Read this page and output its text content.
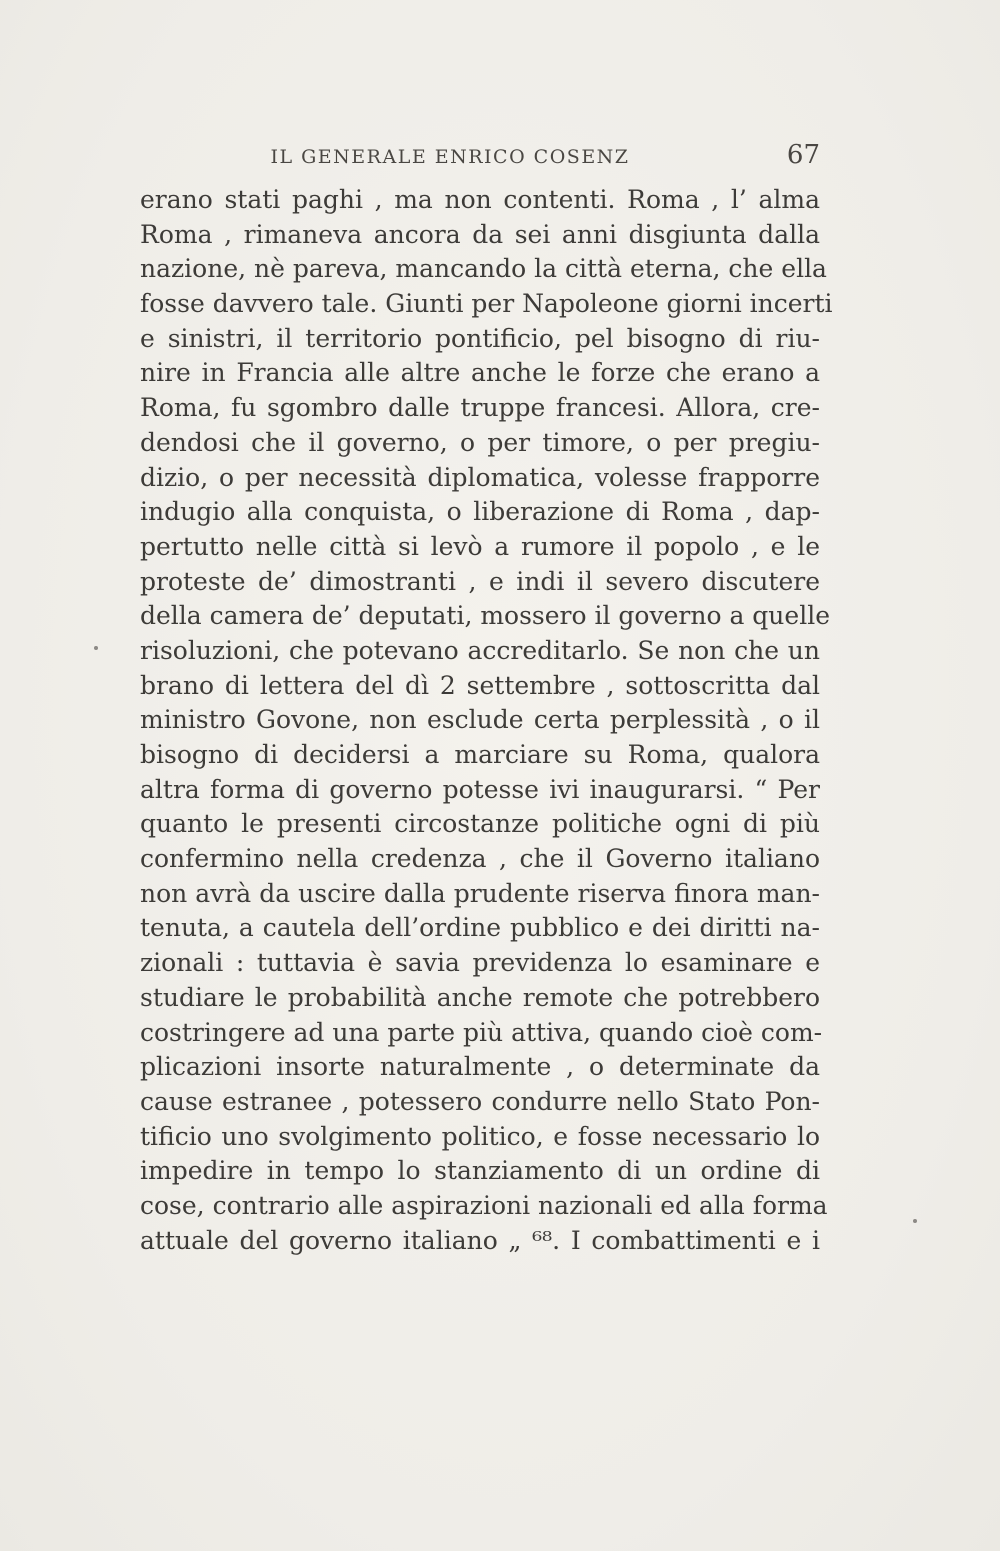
IL GENERALE ENRICO COSENZ	67
erano stati paghi , ma non contenti. Roma , l’ alma
Roma , rimaneva ancora da sei anni disgiunta dalla
nazione, nè pareva, mancando la città eterna, che ella
fosse davvero tale. Giunti per Napoleone giorni incerti
e sinistri, il territorio pontificio, pel bisogno di riu-
nire in Francia alle altre anche le forze che erano a
Roma, fu sgombro dalle truppe francesi. Allora, cre-
dendosi che il governo, o per timore, o per pregiu-
dizio, o per necessità diplomatica, volesse frapporre
indugio alla conquista, o liberazione di Roma , dap-
pertutto nelle città si levò a rumore il popolo , e le
proteste de’ dimostranti , e indi il severo discutere
della camera de’ deputati, mossero il governo a quelle
risoluzioni, che potevano accreditarlo. Se non che un
brano di lettera del dì 2 settembre , sottoscritta dal
ministro Govone, non esclude certa perplessità , o il
bisogno di decidersi a marciare su Roma, qualora
altra forma di governo potesse ivi inaugurarsi. “ Per
quanto le presenti circostanze politiche ogni di più
confermino nella credenza , che il Governo italiano
non avrà da uscire dalla prudente riserva finora man-
tenuta, a cautela dell’ordine pubblico e dei diritti na-
zionali : tuttavia è savia previdenza lo esaminare e
studiare le probabilità anche remote che potrebbero
costringere ad una parte più attiva, quando cioè com-
plicazioni insorte naturalmente , o determinate da
cause estranee , potessero condurre nello Stato Pon-
tificio uno svolgimento politico, e fosse necessario lo
impedire in tempo lo stanziamento di un ordine di
cose, contrario alle aspirazioni nazionali ed alla forma
attuale del governo italiano „ ⁶⁸. I combattimenti e i
